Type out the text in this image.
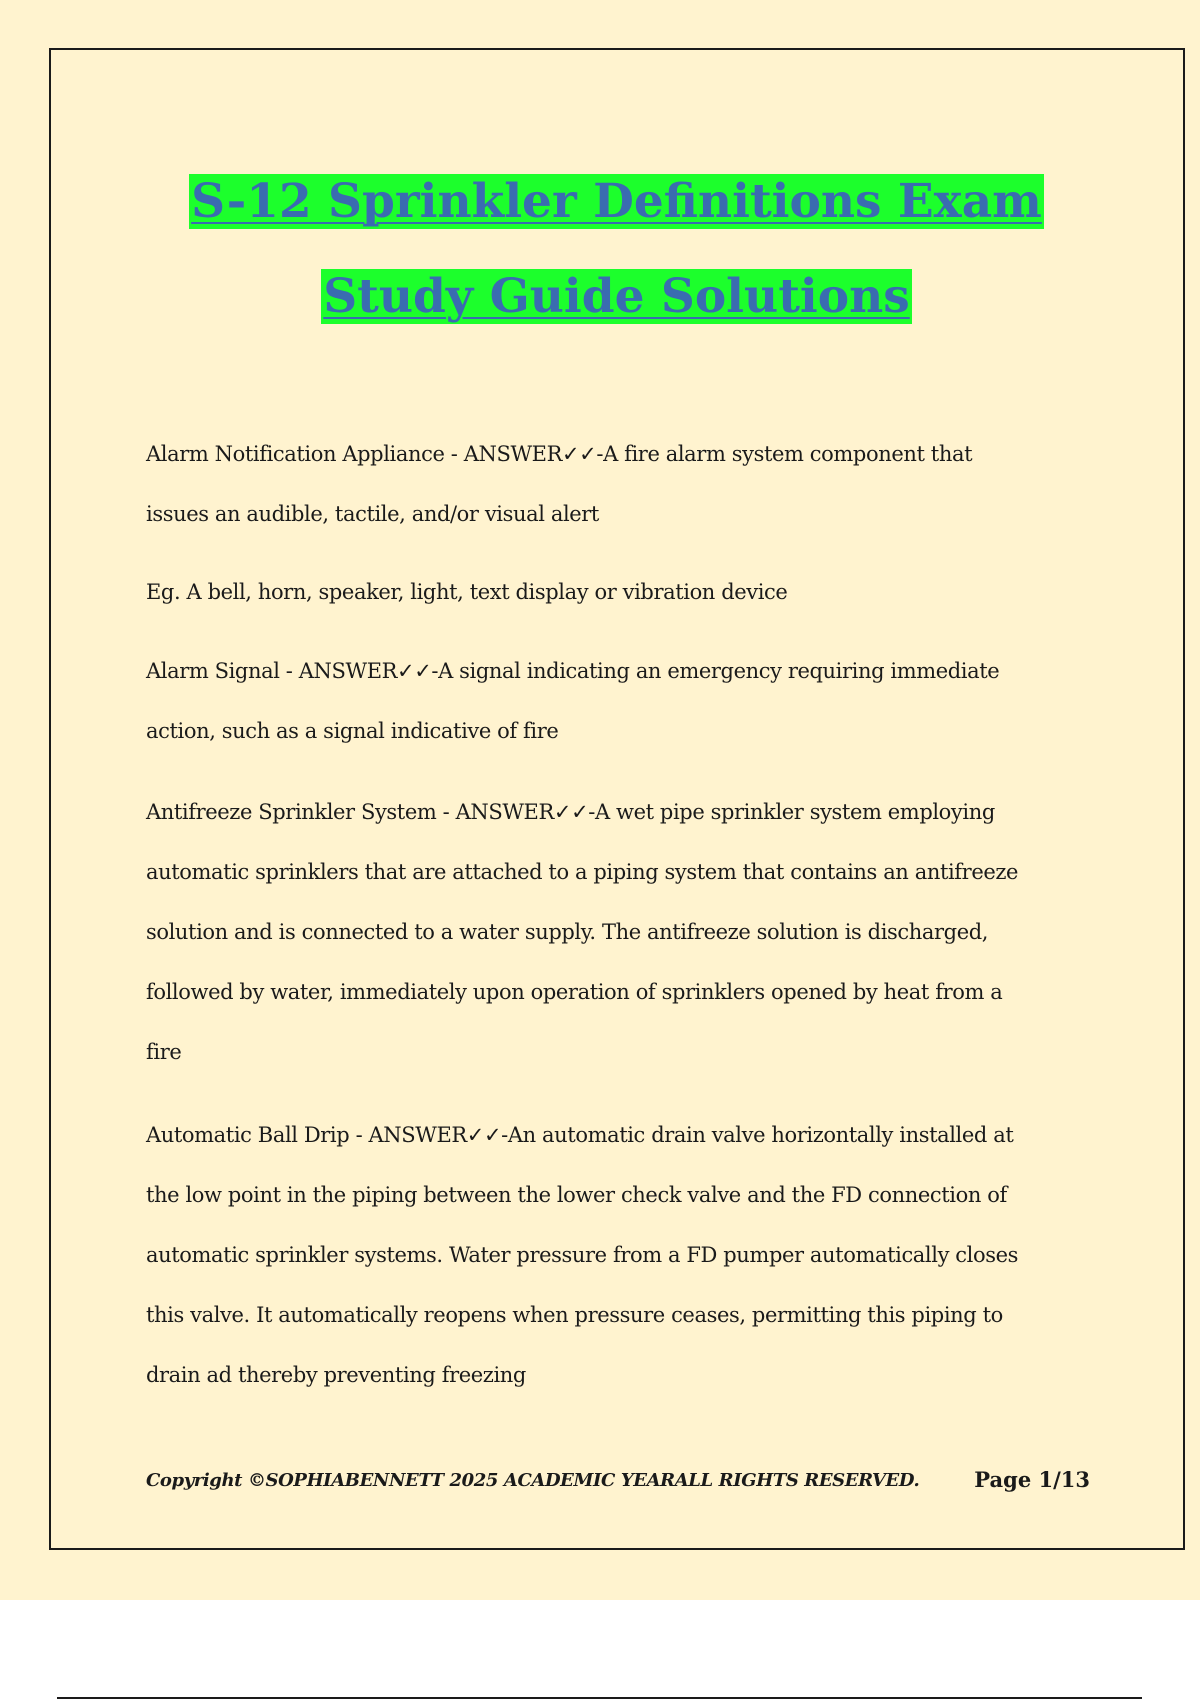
S-12 Sprinkler Definitions Exam
Study Guide Solutions

Alarm Notification Appliance - ANSWER✓✓-A fire alarm system component that

issues an audible, tactile, and/or visual alert

Eg. A bell, horn, speaker, light, text display or vibration device

Alarm Signal - ANSWER✓✓-A signal indicating an emergency requiring immediate

action, such as a signal indicative of fire

Antifreeze Sprinkler System - ANSWER✓✓-A wet pipe sprinkler system employing

automatic sprinklers that are attached to a piping system that contains an antifreeze

solution and is connected to a water supply. The antifreeze solution is discharged,

followed by water, immediately upon operation of sprinklers opened by heat from a

fire

Automatic Ball Drip - ANSWER✓✓-An automatic drain valve horizontally installed at

the low point in the piping between the lower check valve and the FD connection of

automatic sprinkler systems. Water pressure from a FD pumper automatically closes

this valve. It automatically reopens when pressure ceases, permitting this piping to

drain ad thereby preventing freezing

Copyright ©SOPHIABENNETT 2025 ACADEMIC YEARALL RIGHTS RESERVED.	Page 1/13
